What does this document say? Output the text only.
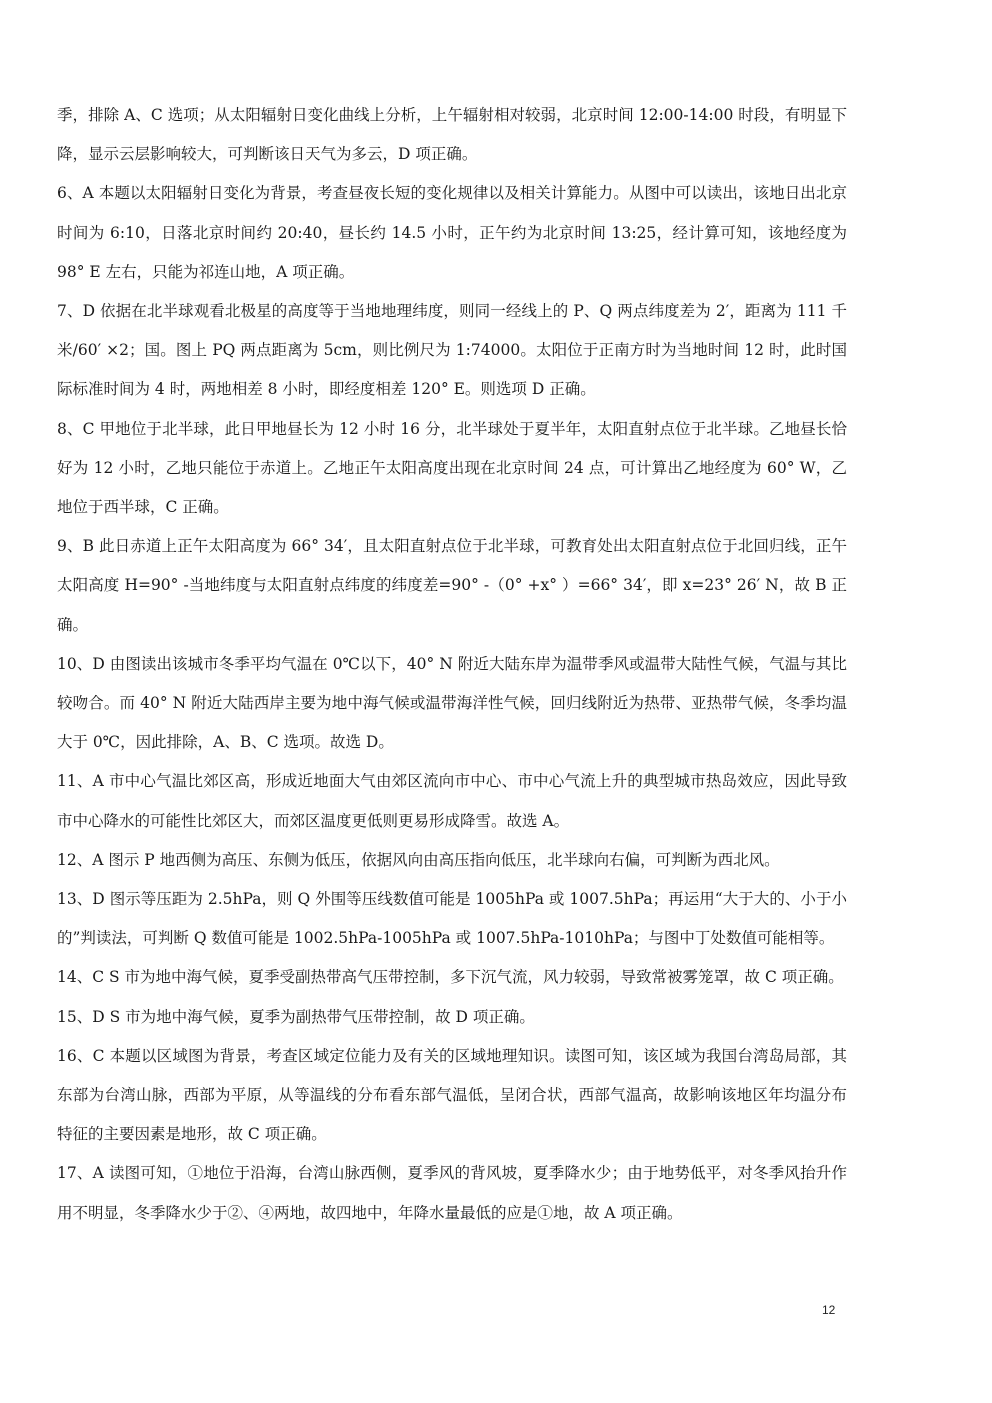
季，排除 A、C 选项；从太阳辐射日变化曲线上分析，上午辐射相对较弱，北京时间 12:00-14:00 时段，有明显下降，显示云层影响较大，可判断该日天气为多云，D 项正确。

6、A 本题以太阳辐射日变化为背景，考查昼夜长短的变化规律以及相关计算能力。从图中可以读出，该地日出北京时间为 6:10，日落北京时间约 20:40，昼长约 14.5 小时，正午约为北京时间 13:25，经计算可知，该地经度为 98° E 左右，只能为祁连山地，A 项正确。

7、D 依据在北半球观看北极星的高度等于当地地理纬度，则同一经线上的 P、Q 两点纬度差为 2′，距离为 111 千米/60′ ×2；国。图上 PQ 两点距离为 5cm，则比例尺为 1:74000。太阳位于正南方时为当地时间 12 时，此时国际标准时间为 4 时，两地相差 8 小时，即经度相差 120° E。则选项 D 正确。

8、C 甲地位于北半球，此日甲地昼长为 12 小时 16 分，北半球处于夏半年，太阳直射点位于北半球。乙地昼长恰好为 12 小时，乙地只能位于赤道上。乙地正午太阳高度出现在北京时间 24 点，可计算出乙地经度为 60° W，乙地位于西半球，C 正确。

9、B 此日赤道上正午太阳高度为 66° 34′，且太阳直射点位于北半球，可教育处出太阳直射点位于北回归线，正午太阳高度 H=90° -当地纬度与太阳直射点纬度的纬度差=90° -（0° +x° ）=66° 34′，即 x=23° 26′ N，故 B 正确。

10、D 由图读出该城市冬季平均气温在 0℃以下，40° N 附近大陆东岸为温带季风或温带大陆性气候，气温与其比较吻合。而 40° N 附近大陆西岸主要为地中海气候或温带海洋性气候，回归线附近为热带、亚热带气候，冬季均温大于 0℃，因此排除，A、B、C 选项。故选 D。

11、A 市中心气温比郊区高，形成近地面大气由郊区流向市中心、市中心气流上升的典型城市热岛效应，因此导致市中心降水的可能性比郊区大，而郊区温度更低则更易形成降雪。故选 A。

12、A 图示 P 地西侧为高压、东侧为低压，依据风向由高压指向低压，北半球向右偏，可判断为西北风。

13、D 图示等压距为 2.5hPa，则 Q 外围等压线数值可能是 1005hPa 或 1007.5hPa；再运用“大于大的、小于小的”判读法，可判断 Q 数值可能是 1002.5hPa-1005hPa 或 1007.5hPa-1010hPa；与图中丁处数值可能相等。

14、C S 市为地中海气候，夏季受副热带高气压带控制，多下沉气流，风力较弱，导致常被雾笼罩，故 C 项正确。

15、D S 市为地中海气候，夏季为副热带气压带控制，故 D 项正确。

16、C 本题以区域图为背景，考查区域定位能力及有关的区域地理知识。读图可知，该区域为我国台湾岛局部，其东部为台湾山脉，西部为平原，从等温线的分布看东部气温低，呈闭合状，西部气温高，故影响该地区年均温分布特征的主要因素是地形，故 C 项正确。

17、A 读图可知，①地位于沿海，台湾山脉西侧，夏季风的背风坡，夏季降水少；由于地势低平，对冬季风抬升作用不明显，冬季降水少于②、④两地，故四地中，年降水量最低的应是①地，故 A 项正确。

12
